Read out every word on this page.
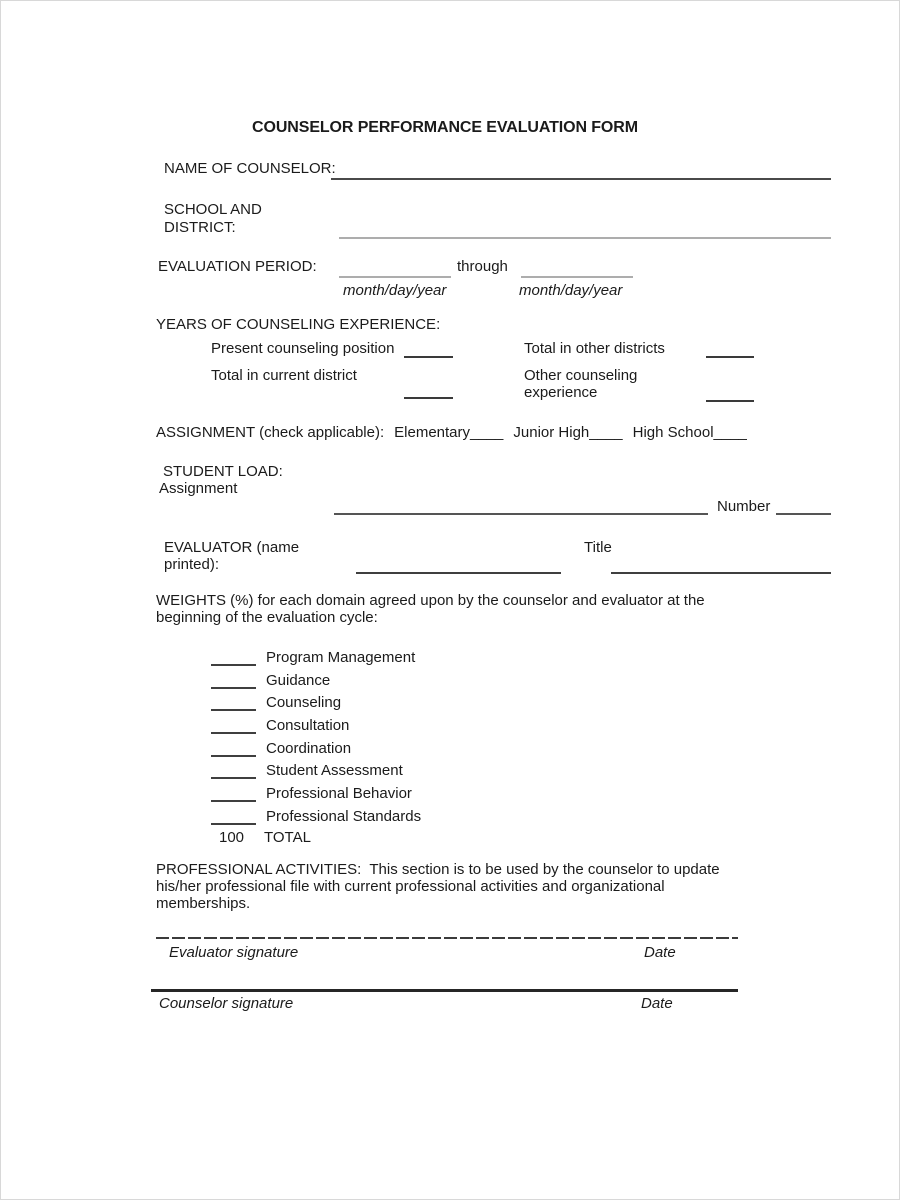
COUNSELOR PERFORMANCE EVALUATION FORM
NAME OF COUNSELOR:
SCHOOL AND
DISTRICT:
EVALUATION PERIOD:	through
month/day/year	month/day/year
YEARS OF COUNSELING EXPERIENCE:
Present counseling position	Total in other districts
Total in current district	Other counseling
experience
ASSIGNMENT (check applicable): Elementary ____ Junior High ____ High School ____
STUDENT LOAD:
Assignment
Number
EVALUATOR (name
printed):
Title
WEIGHTS (%) for each domain agreed upon by the counselor and evaluator at the
beginning of the evaluation cycle:
Program Management
Guidance
Counseling
Consultation
Coordination
Student Assessment
Professional Behavior
Professional Standards
100 TOTAL
PROFESSIONAL ACTIVITIES:  This section is to be used by the counselor to update
his/her professional file with current professional activities and organizational
memberships.
Evaluator signature	Date
Counselor signature	Date
